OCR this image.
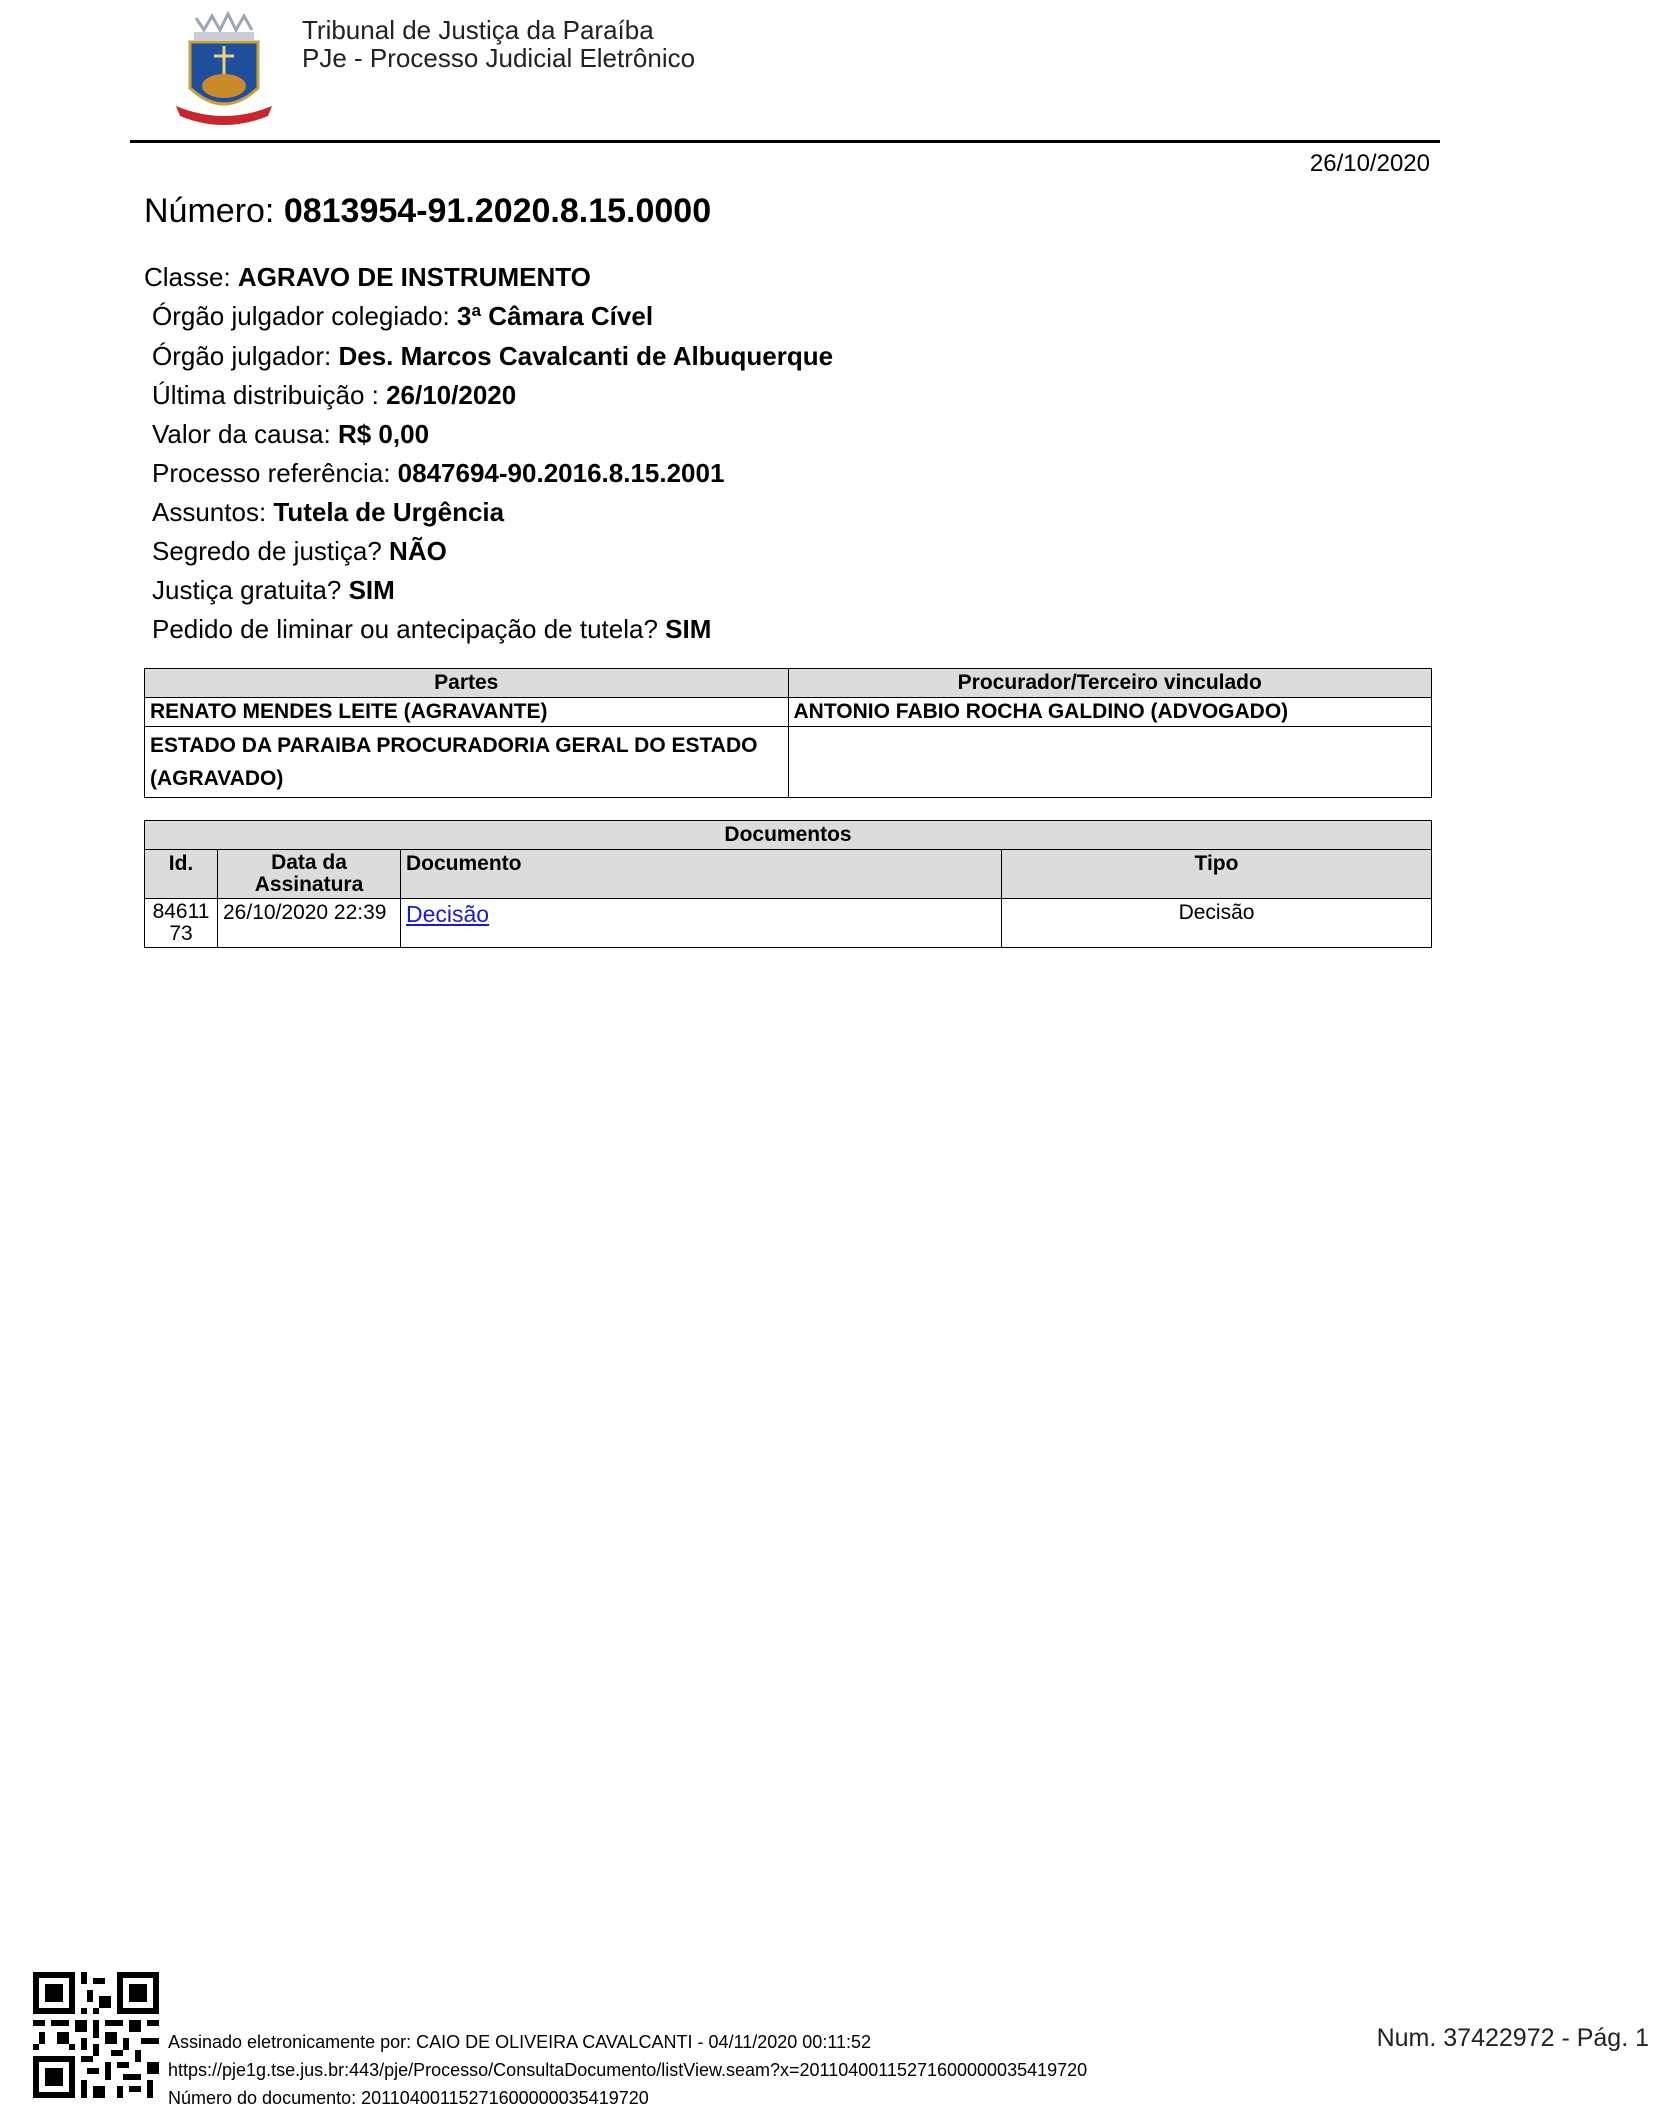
Tribunal de Justiça da Paraíba
PJe - Processo Judicial Eletrônico
26/10/2020
Número: 0813954-91.2020.8.15.0000
Classe: AGRAVO DE INSTRUMENTO
Órgão julgador colegiado: 3ª Câmara Cível
Órgão julgador: Des. Marcos Cavalcanti de Albuquerque
Última distribuição : 26/10/2020
Valor da causa: R$ 0,00
Processo referência: 0847694-90.2016.8.15.2001
Assuntos: Tutela de Urgência
Segredo de justiça? NÃO
Justiça gratuita? SIM
Pedido de liminar ou antecipação de tutela? SIM
Partes	Procurador/Terceiro vinculado
RENATO MENDES LEITE (AGRAVANTE)	ANTONIO FABIO ROCHA GALDINO (ADVOGADO)
ESTADO DA PARAIBA PROCURADORIA GERAL DO ESTADO (AGRAVADO)	
Documentos			
Id.	Data da Assinatura	Documento	Tipo
8461173	26/10/2020 22:39	Decisão	Decisão
Assinado eletronicamente por: CAIO DE OLIVEIRA CAVALCANTI - 04/11/2020 00:11:52
https://pje1g.tse.jus.br:443/pje/Processo/ConsultaDocumento/listView.seam?x=20110400115271600000035419720
Número do documento: 20110400115271600000035419720
Num. 37422972 - Pág. 1
